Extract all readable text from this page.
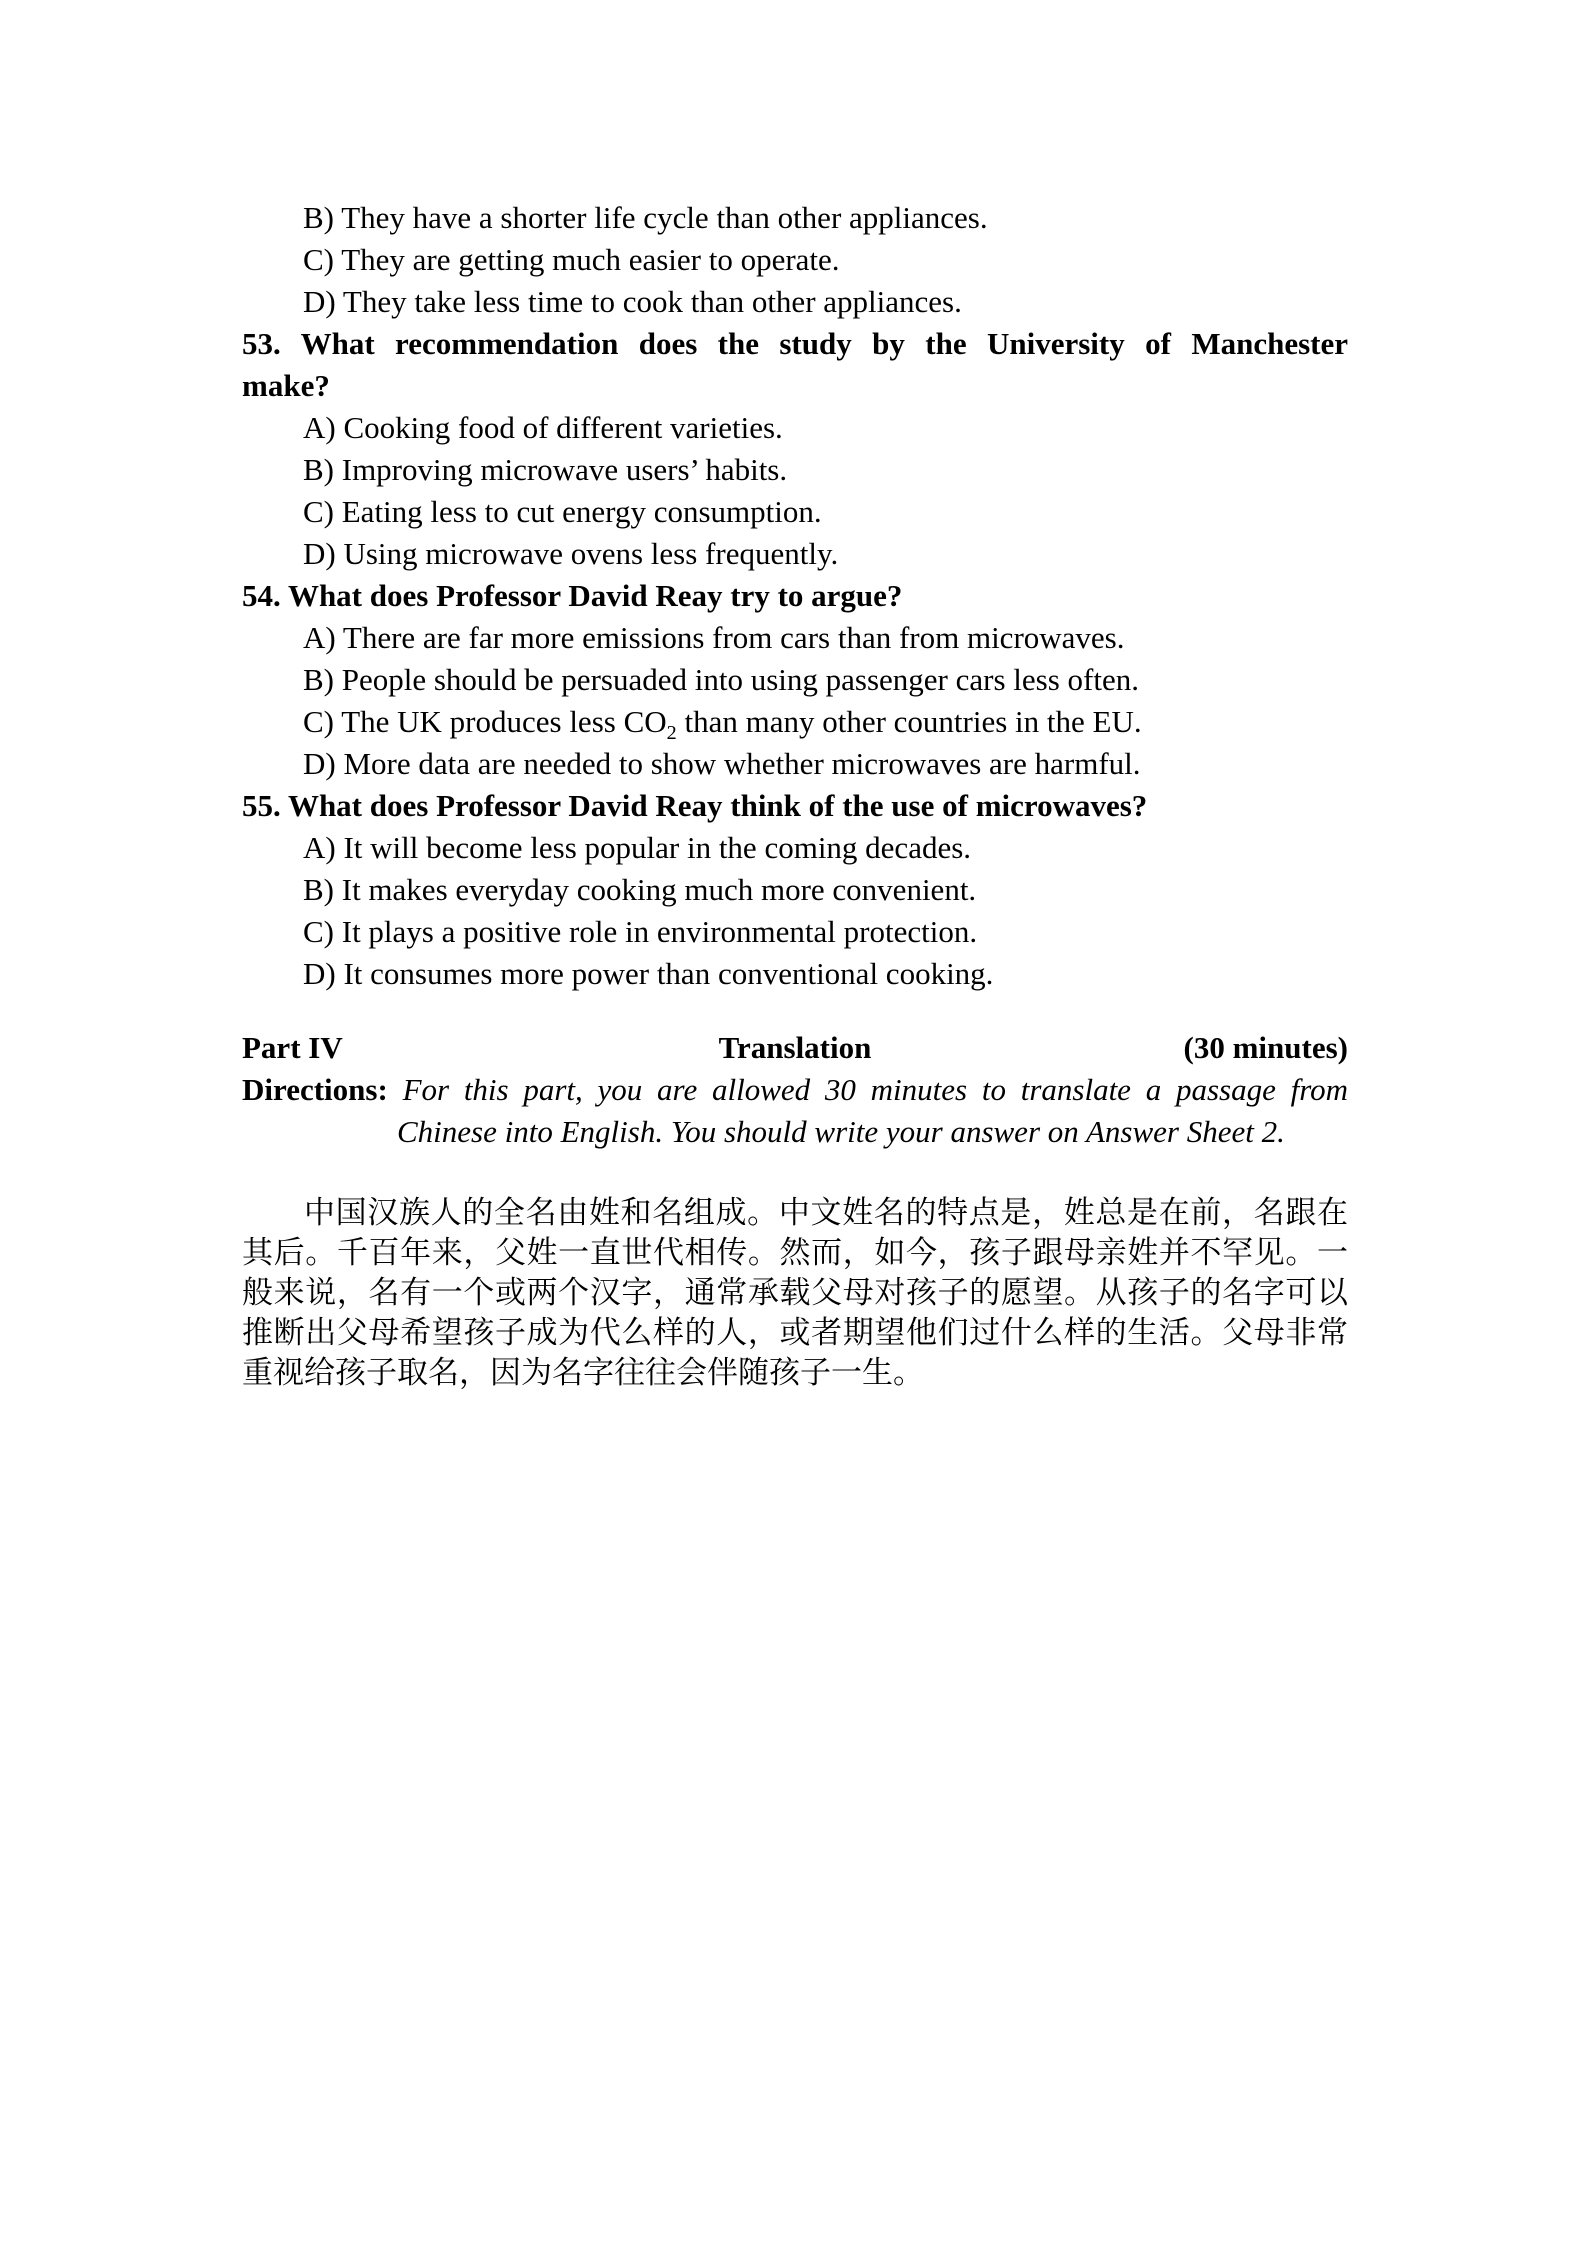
B) They have a shorter life cycle than other appliances.
C) They are getting much easier to operate.
D) They take less time to cook than other appliances.
53. What recommendation does the study by the University of Manchester
make?
A) Cooking food of different varieties.
B) Improving microwave users’ habits.
C) Eating less to cut energy consumption.
D) Using microwave ovens less frequently.
54. What does Professor David Reay try to argue?
A) There are far more emissions from cars than from microwaves.
B) People should be persuaded into using passenger cars less often.
C) The UK produces less $CO_2$ than many other countries in the EU.
D) More data are needed to show whether microwaves are harmful.
55. What does Professor David Reay think of the use of microwaves?
A) It will become less popular in the coming decades.
B) It makes everyday cooking much more convenient.
C) It plays a positive role in environmental protection.
D) It consumes more power than conventional cooking.
Part IV	Translation	(30 minutes)
Directions: For this part, you are allowed 30 minutes to translate a passage from
Chinese into English. You should write your answer on Answer Sheet 2.
中国汉族人的全名由姓和名组成。中文姓名的特点是，姓总是在前，名跟在
其后。千百年来，父姓一直世代相传。然而，如今，孩子跟母亲姓并不罕见。一
般来说，名有一个或两个汉字，通常承载父母对孩子的愿望。从孩子的名字可以
推断出父母希望孩子成为代么样的人，或者期望他们过什么样的生活。父母非常
重视给孩子取名，因为名字往往会伴随孩子一生。
